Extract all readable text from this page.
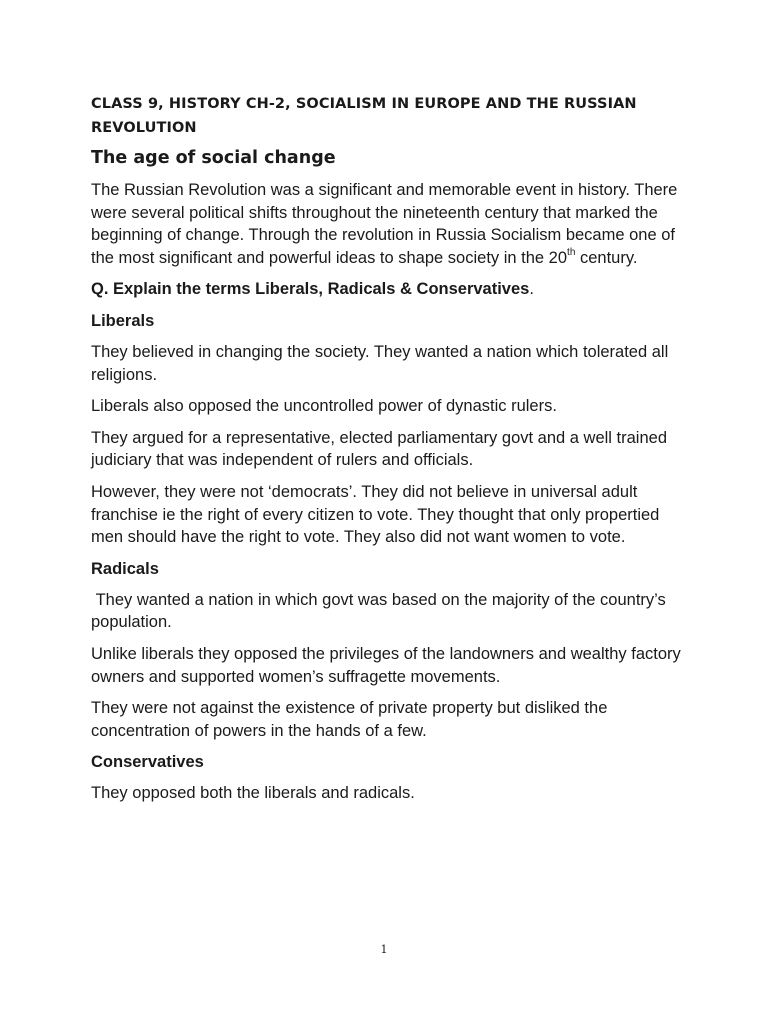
CLASS 9, HISTORY CH-2, SOCIALISM IN EUROPE AND THE RUSSIAN REVOLUTION
The age of social change

The Russian Revolution was a significant and memorable event in history. There were several political shifts throughout the nineteenth century that marked the beginning of change. Through the revolution in Russia Socialism became one of the most significant and powerful ideas to shape society in the 20th century.

Q. Explain the terms Liberals, Radicals & Conservatives.

Liberals

They believed in changing the society. They wanted a nation which tolerated all religions.

Liberals also opposed the uncontrolled power of dynastic rulers.

They argued for a representative, elected parliamentary govt and a well trained judiciary that was independent of rulers and officials.

However, they were not ‘democrats’. They did not believe in universal adult franchise ie the right of every citizen to vote. They thought that only propertied men should have the right to vote. They also did not want women to vote.

Radicals

They wanted a nation in which govt was based on the majority of the country’s population.

Unlike liberals they opposed the privileges of the landowners and wealthy factory owners and supported women’s suffragette movements.

They were not against the existence of private property but disliked the concentration of powers in the hands of a few.

Conservatives

They opposed both the liberals and radicals.

1
